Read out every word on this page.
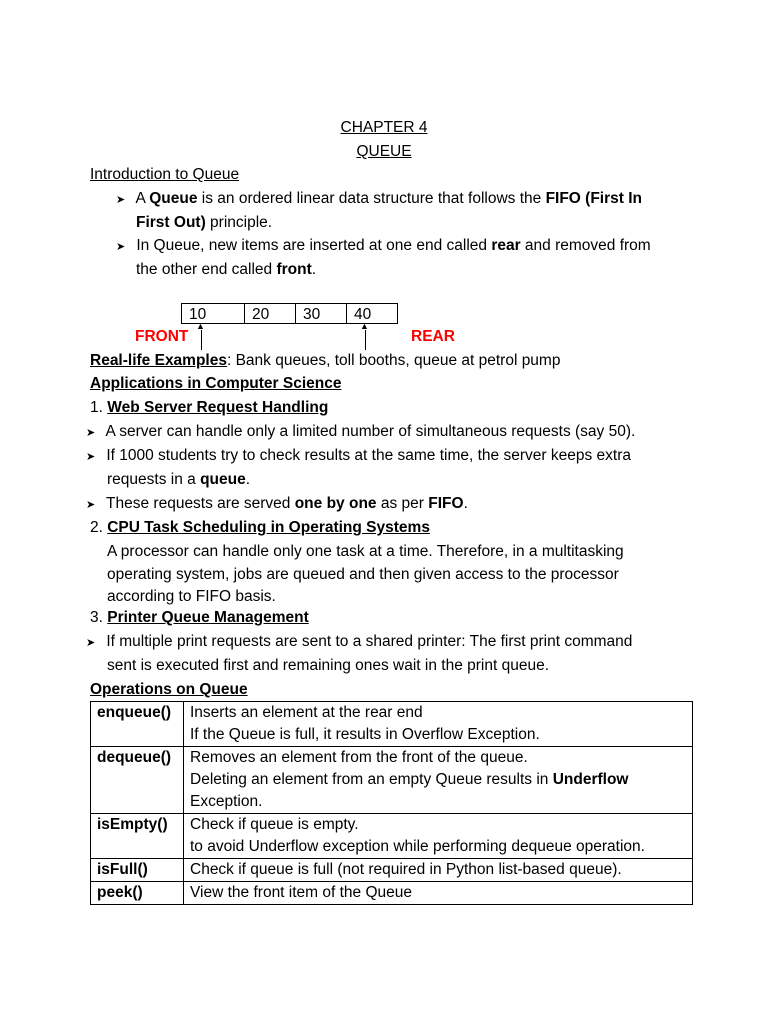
CHAPTER 4
QUEUE
Introduction to Queue
➤ A Queue is an ordered linear data structure that follows the FIFO (First In
First Out) principle.
➤ In Queue, new items are inserted at one end called rear and removed from
the other end called front.
10	20	30	40
▲	▲
FRONT	REAR
Real-life Examples: Bank queues, toll booths, queue at petrol pump
Applications in Computer Science
1. Web Server Request Handling
➤ A server can handle only a limited number of simultaneous requests (say 50).
➤ If 1000 students try to check results at the same time, the server keeps extra
requests in a queue.
➤ These requests are served one by one as per FIFO.
2. CPU Task Scheduling in Operating Systems
A processor can handle only one task at a time. Therefore, in a multitasking
operating system, jobs are queued and then given access to the processor
according to FIFO basis.
3. Printer Queue Management
➤ If multiple print requests are sent to a shared printer: The first print command
sent is executed first and remaining ones wait in the print queue.
Operations on Queue
enqueue()	Inserts an element at the rear end
If the Queue is full, it results in Overflow Exception.

dequeue()	Removes an element from the front of the queue.
Deleting an element from an empty Queue results in Underflow
Exception.

isEmpty()	Check if queue is empty.
to avoid Underflow exception while performing dequeue operation.

isFull()	Check if queue is full (not required in Python list-based queue).
peek()	View the front item of the Queue
